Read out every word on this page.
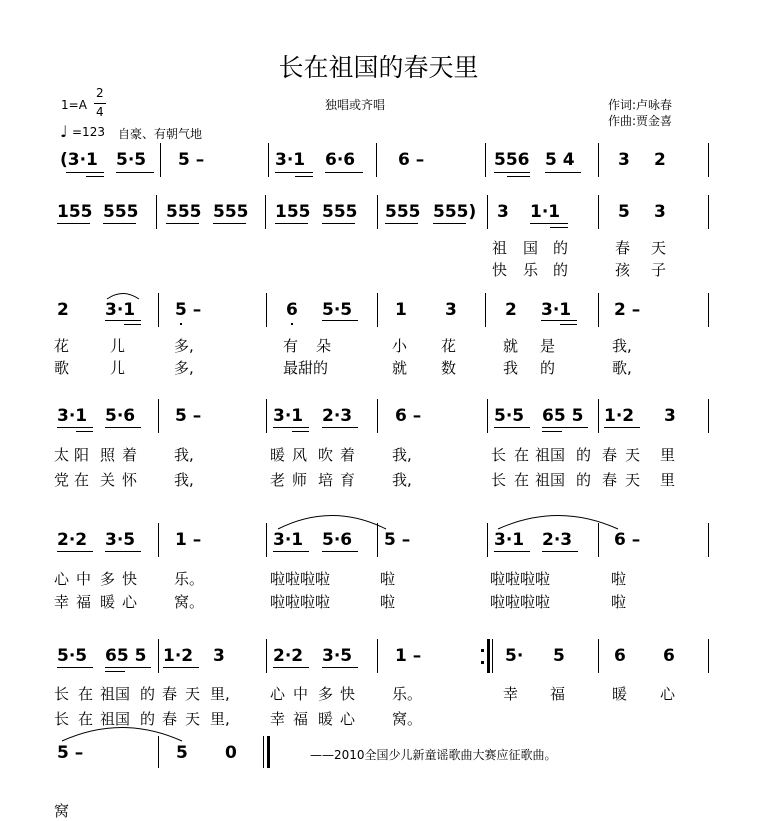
长在祖国的春天里
1=A
2
4
♩ =123 自豪、有朝气地
独唱或齐唱	作词:卢咏春
作曲:贾金喜
(3·1 5·5 5 –	3·1 6·6	6 –	556 5 4	3 2
155 555 555 555 155 555 555 555) 3 1·1	5 3
祖 国 的	春 天
快 乐 的	孩 子
2 3·1 5 –	6 5·5	1 3	2 3·1	2 –
花	儿	多,	有 朵	小 花	就 是	我,
歌	儿	多,	最甜的	就 数	我 的	歌,
3·1 5·6 5 –	3·1 2·3	6 –	5·5 65 5 1·2 3
太 阳 照 着 我,	暖 风 吹 着 我,	长 在 祖国 的 春 天 里
党 在 关 怀 我,	老 师 培 育 我,	长 在 祖国 的 春 天 里
2·2 3·5 1 –	3·1 5·6 5 –	3·1 2·3 6 –
心 中 多 快 乐。	啦啦啦啦	啦	啦啦啦啦	啦
幸 福 暖 心 窝。	啦啦啦啦	啦	啦啦啦啦	啦
5·5 65 5 1·2 3	2·2 3·5	1 –	5· 5	6 6
长 在 祖国 的 春 天 里,	心 中 多 快 乐。	幸 福	暖 心
长 在 祖国 的 春 天 里,	幸 福 暖 心 窝。
5 –	5 0	——2010全国少儿新童谣歌曲大赛应征歌曲。
窝
